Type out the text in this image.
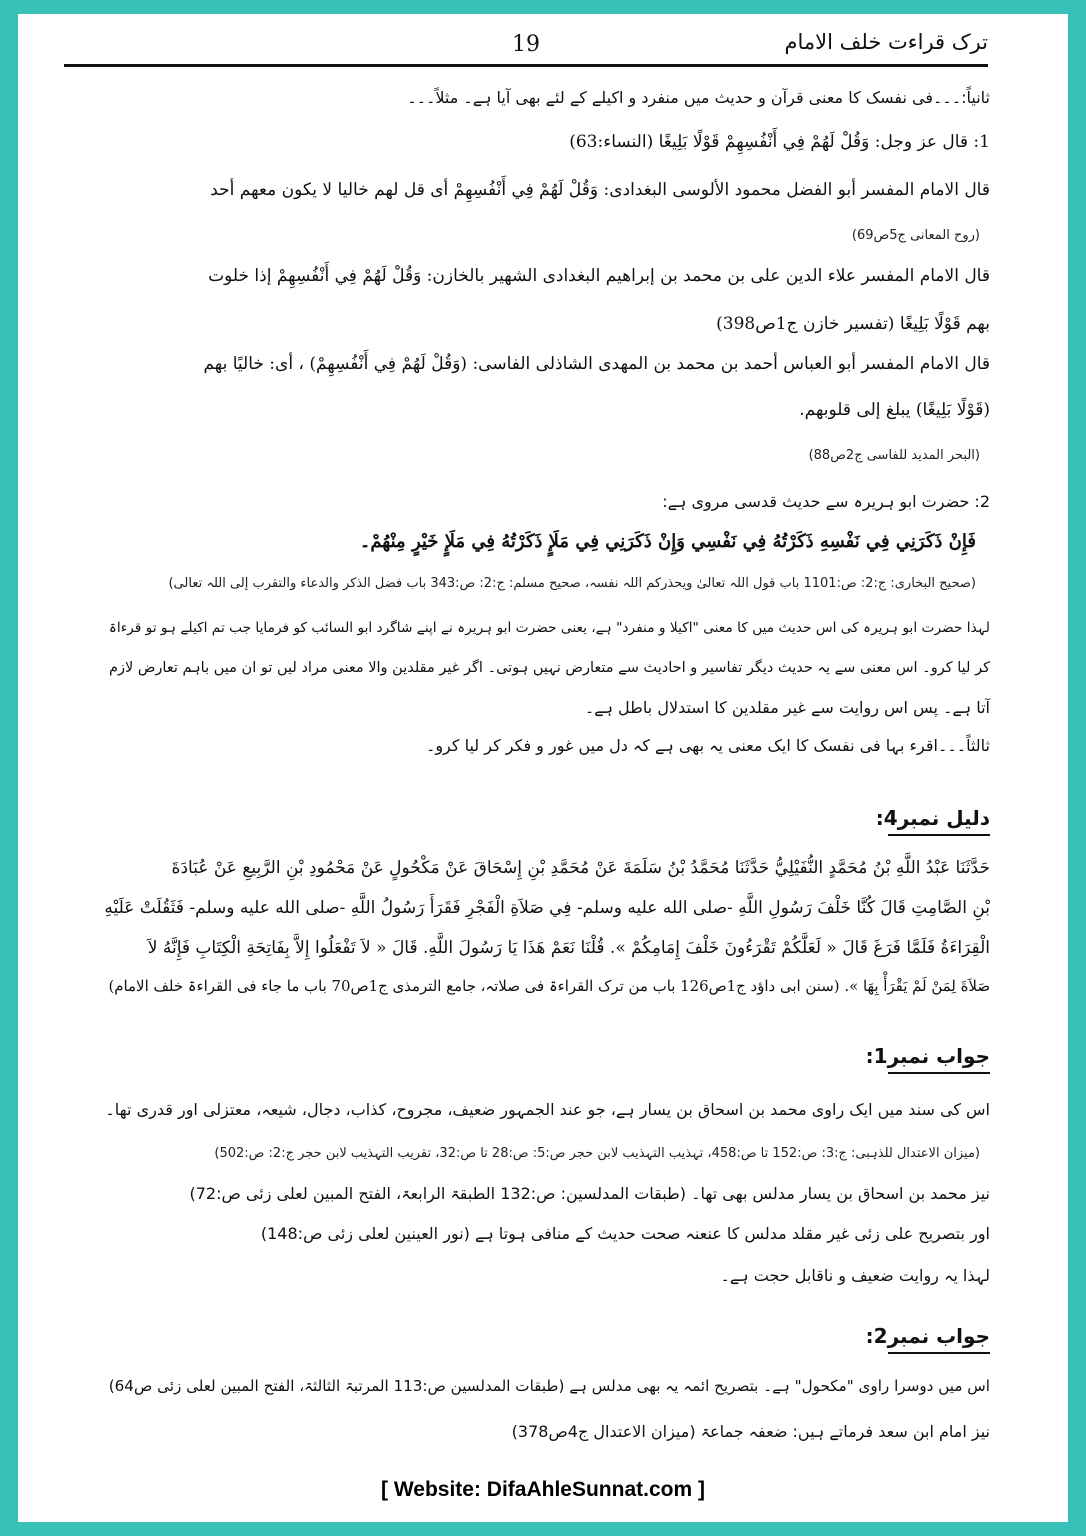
ترک قراءت خلف الامام
19
ثانیاً:۔۔۔فی نفسک کا معنی قرآن و حدیث میں منفرد و اکیلے کے لئے بھی آیا ہے۔ مثلاً۔۔۔
1: قال عز وجل: وَقُلْ لَهُمْ فِي أَنْفُسِهِمْ قَوْلًا بَلِيغًا (النساء:63)
قال الامام المفسر أبو الفضل محمود الألوسی البغدادی: وَقُلْ لَهُمْ فِي أَنْفُسِهِمْ أی قل لهم خالیا لا یکون معهم أحد
(روح المعانی ج5ص69)
قال الامام المفسر علاء الدین علی بن محمد بن إبراهیم البغدادی الشهیر بالخازن: وَقُلْ لَهُمْ فِي أَنْفُسِهِمْ إذا خلوت
بهم قَوْلًا بَلِيغًا (تفسیر خازن ج1ص398)
قال الامام المفسر أبو العباس أحمد بن محمد بن المهدی الشاذلی الفاسی: (وَقُلْ لَهُمْ فِي أَنْفُسِهِمْ) ، أی: خالیًا بهم
(قَوْلًا بَلِيغًا) یبلغ إلی قلوبهم.
(البحر المدید للفاسی ج2ص88)
2: حضرت ابو ہریرہ سے حدیث قدسی مروی ہے:
فَإِنْ ذَكَرَنِي فِي نَفْسِهِ ذَكَرْتُهُ فِي نَفْسِي وَإِنْ ذَكَرَنِي فِي مَلَإٍ ذَكَرْتُهُ فِي مَلَإٍ خَيْرٍ مِنْهُمْ۔
(صحیح البخاری: ج:2: ص:1101 باب قول اللہ تعالیٰ ویحذرکم اللہ نفسہ، صحیح مسلم: ج:2: ص:343 باب فضل الذکر والدعاء والتقرب إلی اللہ تعالی)
لہذا حضرت ابو ہریرہ کی اس حدیث میں کا معنی "اکیلا و منفرد" ہے، یعنی حضرت ابو ہریرہ نے اپنے شاگرد ابو السائب کو فرمایا جب تم اکیلے ہو تو قرءاۃ
کر لیا کرو۔ اس معنی سے یہ حدیث دیگر تفاسیر و احادیث سے متعارض نہیں ہوتی۔ اگر غیر مقلدین والا معنی مراد لیں تو ان میں باہم تعارض لازم
آتا ہے۔ پس اس روایت سے غیر مقلدین کا استدلال باطل ہے۔
ثالثاً۔۔۔اقرء بہا فی نفسک کا ایک معنی یہ بھی ہے کہ دل میں غور و فکر کر لیا کرو۔
دلیل نمبر4:
حَدَّثَنَا عَبْدُ اللَّهِ بْنُ مُحَمَّدٍ النُّفَيْلِيُّ حَدَّثَنَا مُحَمَّدُ بْنُ سَلَمَةَ عَنْ مُحَمَّدِ بْنِ إِسْحَاقَ عَنْ مَكْحُولٍ عَنْ مَحْمُودِ بْنِ الرَّبِيعِ عَنْ عُبَادَةَ
بْنِ الصَّامِتِ قَالَ كُنَّا خَلْفَ رَسُولِ اللَّهِ -صلى الله عليه وسلم- فِي صَلاَةِ الْفَجْرِ فَقَرَأَ رَسُولُ اللَّهِ -صلى الله عليه وسلم- فَثَقُلَتْ عَلَيْهِ
الْقِرَاءَةُ فَلَمَّا فَرَغَ قَالَ « لَعَلَّكُمْ تَقْرَءُونَ خَلْفَ إِمَامِكُمْ ». قُلْنَا نَعَمْ هَذَا يَا رَسُولَ اللَّهِ. قَالَ « لاَ تَفْعَلُوا إِلاَّ بِفَاتِحَةِ الْكِتَابِ فَإِنَّهُ لاَ
صَلاَةَ لِمَنْ لَمْ يَقْرَأْ بِهَا ». (سنن ابی داؤد ج1ص126 باب من ترک القراءۃ فی صلاتہ، جامع الترمذی ج1ص70 باب ما جاء فی القراءۃ خلف الامام)
جواب نمبر1:
اس کی سند میں ایک راوی محمد بن اسحاق بن یسار ہے، جو عند الجمہور ضعیف، مجروح، کذاب، دجال، شیعہ، معتزلی اور قدری تھا۔
(میزان الاعتدال للذہبی: ج:3: ص:152 تا ص:458، تہذیب التہذیب لابن حجر ص:5: ص:28 تا ص:32، تقریب التہذیب لابن حجر ج:2: ص:502)
نیز محمد بن اسحاق بن یسار مدلس بھی تھا۔ (طبقات المدلسین: ص:132 الطبقۃ الرابعۃ، الفتح المبین لعلی زئی ص:72)
اور بتصریح علی زئی غیر مقلد مدلس کا عنعنہ صحت حدیث کے منافی ہوتا ہے (نور العینین لعلی زئی ص:148)
لہذا یہ روایت ضعیف و ناقابل حجت ہے۔
جواب نمبر2:
اس میں دوسرا راوی "مکحول" ہے۔ بتصریح ائمہ یہ بھی مدلس ہے (طبقات المدلسین ص:113 المرتبۃ الثالثۃ، الفتح المبین لعلی زئی ص64)
نیز امام ابن سعد فرماتے ہیں: ضعفہ جماعۃ (میزان الاعتدال ج4ص378)
[ Website: DifaAhleSunnat.com ]
